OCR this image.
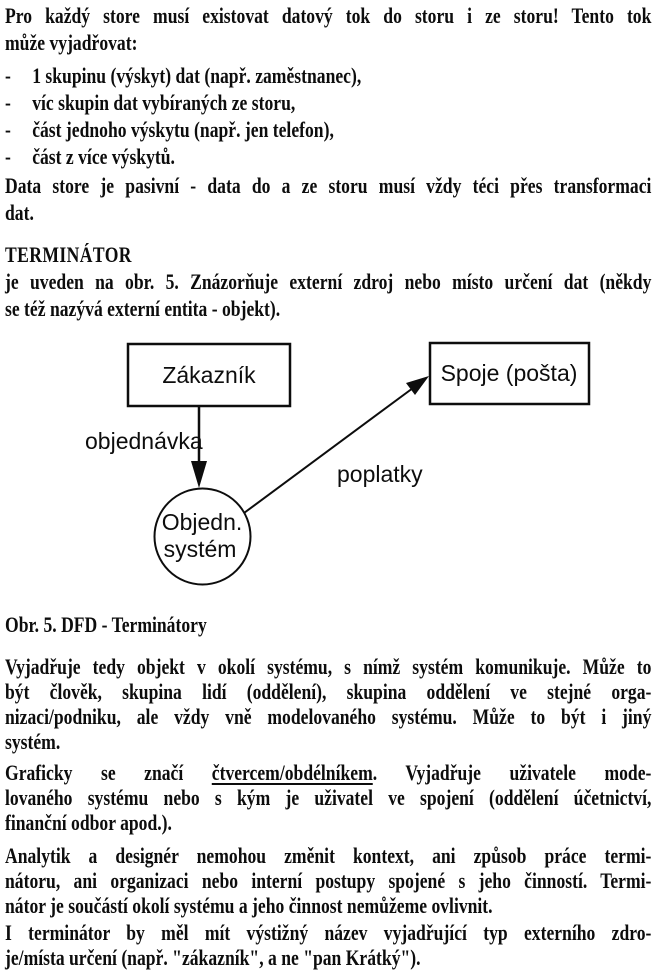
Pro každý store musí existovat datový tok do storu i ze storu! Tento tok
může vyjadřovat:
- 1 skupinu (výskyt) dat (např. zaměstnanec),
- víc skupin dat vybíraných ze storu,
- část jednoho výskytu (např. jen telefon),
- část z více výskytů.
Data store je pasivní - data do a ze storu musí vždy téci přes transformaci
dat.
TERMINÁTOR
je uveden na obr. 5. Znázorňuje externí zdroj nebo místo určení dat (někdy
se též nazývá externí entita - objekt).
Zákazník	Spoje (pošta)
Objedn.
systém
objednávka
poplatky
Obr. 5. DFD - Terminátory
Vyjadřuje tedy objekt v okolí systému, s nímž systém komunikuje. Může to
být člověk, skupina lidí (oddělení), skupina oddělení ve stejné orga-
nizaci/podniku, ale vždy vně modelovaného systému. Může to být i jiný
systém.
Graficky se značí čtvercem/obdélníkem. Vyjadřuje uživatele mode-
lovaného systému nebo s kým je uživatel ve spojení (oddělení účetnictví,
finanční odbor apod.).
Analytik a designér nemohou změnit kontext, ani způsob práce termi-
nátoru, ani organizaci nebo interní postupy spojené s jeho činností. Termi-
nátor je součástí okolí systému a jeho činnost nemůžeme ovlivnit.
I terminátor by měl mít výstižný název vyjadřující typ externího zdro-
je/místa určení (např. "zákazník", a ne "pan Krátký").
